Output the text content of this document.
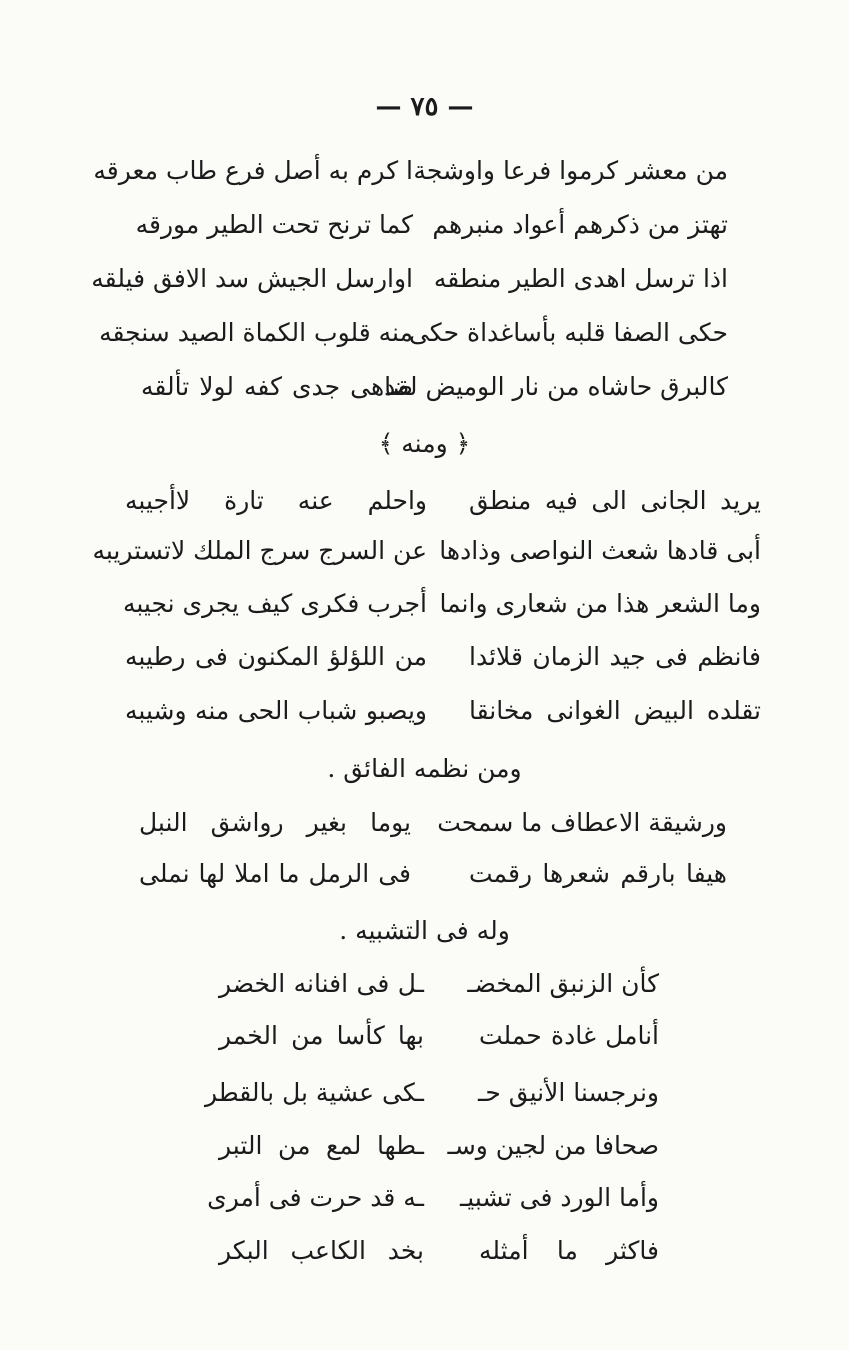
— ٧٥ —
من معشر كرموا فرعا واوشجة
ا كرم به أصل فرع طاب معرقه
تهتز من ذكرهم أعواد منبرهم
كما ترنح تحت الطير مورقه
اذا ترسل اهدى الطير منطقه
اوارسل الجيش سد الافق فيلقه
حكى الصفا قلبه بأساغداة حكى
منه قلوب الكماة الصيد سنجقه
كالبرق حاشاه من نار الوميض لقد
ضاهى جدى كفه لولا تألقه
﴿ ومنه ﴾
يريد الجانى الى فيه منطق
واحلم عنه تارة لاأجيبه
أبى قادها شعث النواصى وذادها
عن السرج سرج الملك لاتستريبه
وما الشعر هذا من شعارى وانما
أجرب فكرى كيف يجرى نجيبه
فانظم فى جيد الزمان قلائدا
من اللؤلؤ المكنون فى رطيبه
تقلده البيض الغوانى مخانقا
ويصبو شباب الحى منه وشيبه
ومن نظمه الفائق .
ورشيقة الاعطاف ما سمحت
يوما بغير رواشق النبل
هيفا بارقم شعرها رقمت
فى الرمل ما املا لها نملى
وله فى التشبيه .
كأن الزنبق المخضـ
ـل فى افنانه الخضر
أنامل غادة حملت
بها كأسا من الخمر
ونرجسنا الأنيق حـ
ـكى عشية بل بالقطر
صحافا من لجين وسـ
ـطها لمع من التبر
وأما الورد فى تشبيـ
ـه قد حرت فى أمرى
فاكثر ما أمثله
بخد الكاعب البكر
